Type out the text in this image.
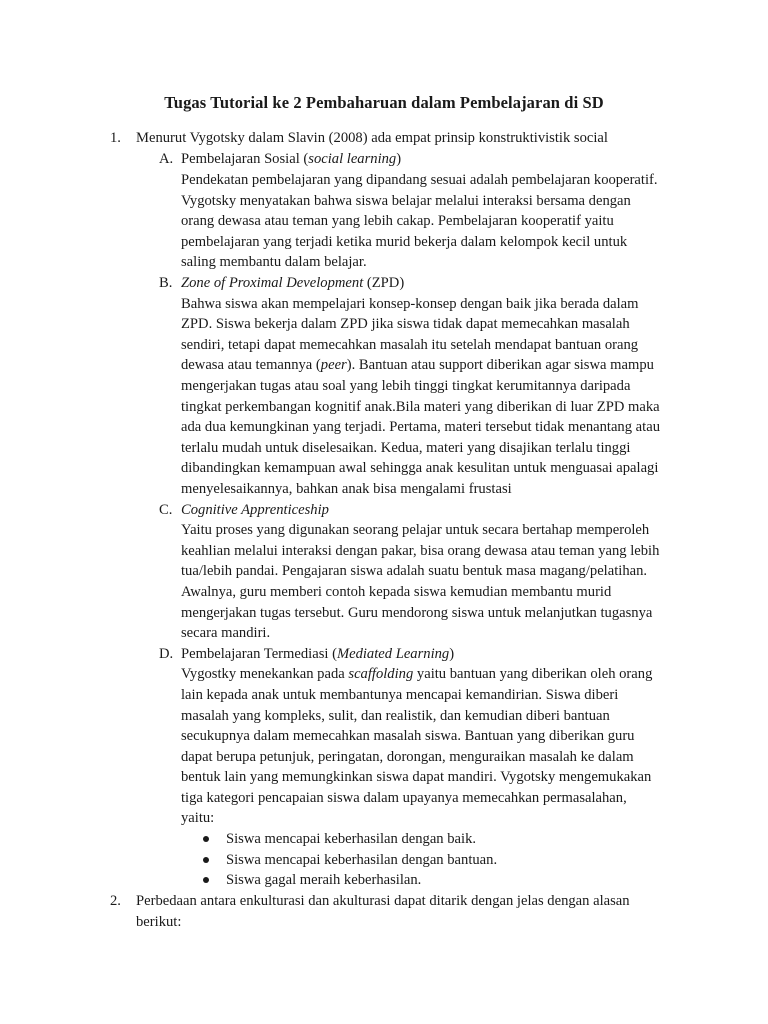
Tugas Tutorial ke 2 Pembaharuan dalam Pembelajaran di SD
1. Menurut Vygotsky dalam Slavin (2008) ada empat prinsip konstruktivistik social
A. Pembelajaran Sosial (social learning)
Pendekatan pembelajaran yang dipandang sesuai adalah pembelajaran kooperatif.
Vygotsky menyatakan bahwa siswa belajar melalui interaksi bersama dengan
orang dewasa atau teman yang lebih cakap. Pembelajaran kooperatif yaitu
pembelajaran yang terjadi ketika murid bekerja dalam kelompok kecil untuk
saling membantu dalam belajar.
B. Zone of Proximal Development (ZPD)
Bahwa siswa akan mempelajari konsep-konsep dengan baik jika berada dalam
ZPD. Siswa bekerja dalam ZPD jika siswa tidak dapat memecahkan masalah
sendiri, tetapi dapat memecahkan masalah itu setelah mendapat bantuan orang
dewasa atau temannya (peer). Bantuan atau support diberikan agar siswa mampu
mengerjakan tugas atau soal yang lebih tinggi tingkat kerumitannya daripada
tingkat perkembangan kognitif anak.Bila materi yang diberikan di luar ZPD maka
ada dua kemungkinan yang terjadi. Pertama, materi tersebut tidak menantang atau
terlalu mudah untuk diselesaikan. Kedua, materi yang disajikan terlalu tinggi
dibandingkan kemampuan awal sehingga anak kesulitan untuk menguasai apalagi
menyelesaikannya, bahkan anak bisa mengalami frustasi
C. Cognitive Apprenticeship
Yaitu proses yang digunakan seorang pelajar untuk secara bertahap memperoleh
keahlian melalui interaksi dengan pakar, bisa orang dewasa atau teman yang lebih
tua/lebih pandai. Pengajaran siswa adalah suatu bentuk masa magang/pelatihan.
Awalnya, guru memberi contoh kepada siswa kemudian membantu murid
mengerjakan tugas tersebut. Guru mendorong siswa untuk melanjutkan tugasnya
secara mandiri.
D. Pembelajaran Termediasi (Mediated Learning)
Vygostky menekankan pada scaffolding yaitu bantuan yang diberikan oleh orang
lain kepada anak untuk membantunya mencapai kemandirian. Siswa diberi
masalah yang kompleks, sulit, dan realistik, dan kemudian diberi bantuan
secukupnya dalam memecahkan masalah siswa. Bantuan yang diberikan guru
dapat berupa petunjuk, peringatan, dorongan, menguraikan masalah ke dalam
bentuk lain yang memungkinkan siswa dapat mandiri. Vygotsky mengemukakan
tiga kategori pencapaian siswa dalam upayanya memecahkan permasalahan,
yaitu:
Siswa mencapai keberhasilan dengan baik.
Siswa mencapai keberhasilan dengan bantuan.
Siswa gagal meraih keberhasilan.
2. Perbedaan antara enkulturasi dan akulturasi dapat ditarik dengan jelas dengan alasan
berikut:
